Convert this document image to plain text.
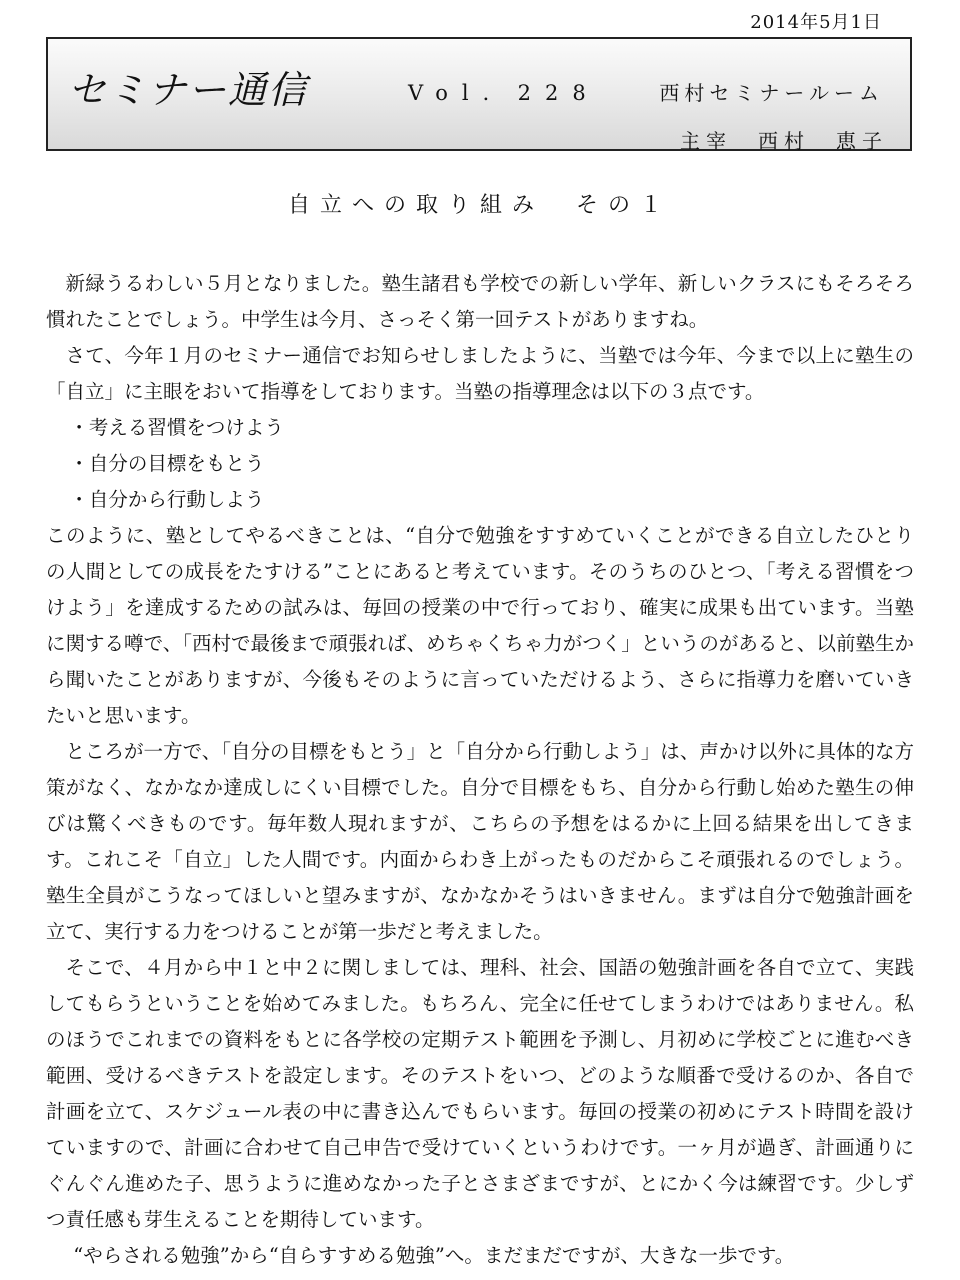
2014年5月1日
セミナー通信	Vol．228	西村セミナールーム
主宰　西村　恵子
自立への取り組み　その１

新緑うるわしい５月となりました。塾生諸君も学校での新しい学年、新しいクラスにもそろそろ慣れたことでしょう。中学生は今月、さっそく第一回テストがありますね。

さて、今年１月のセミナー通信でお知らせしましたように、当塾では今年、今まで以上に塾生の「自立」に主眼をおいて指導をしております。当塾の指導理念は以下の３点です。

・考える習慣をつけよう

・自分の目標をもとう

・自分から行動しよう

このように、塾としてやるべきことは、“自分で勉強をすすめていくことができる自立したひとりの人間としての成長をたすける”ことにあると考えています。そのうちのひとつ、「考える習慣をつけよう」を達成するための試みは、毎回の授業の中で行っており、確実に成果も出ています。当塾に関する噂で、「西村で最後まで頑張れば、めちゃくちゃ力がつく」というのがあると、以前塾生から聞いたことがありますが、今後もそのように言っていただけるよう、さらに指導力を磨いていきたいと思います。

ところが一方で、「自分の目標をもとう」と「自分から行動しよう」は、声かけ以外に具体的な方策がなく、なかなか達成しにくい目標でした。自分で目標をもち、自分から行動し始めた塾生の伸びは驚くべきものです。毎年数人現れますが、こちらの予想をはるかに上回る結果を出してきます。これこそ「自立」した人間です。内面からわき上がったものだからこそ頑張れるのでしょう。塾生全員がこうなってほしいと望みますが、なかなかそうはいきません。まずは自分で勉強計画を立て、実行する力をつけることが第一歩だと考えました。

そこで、４月から中１と中２に関しましては、理科、社会、国語の勉強計画を各自で立て、実践してもらうということを始めてみました。もちろん、完全に任せてしまうわけではありません。私のほうでこれまでの資料をもとに各学校の定期テスト範囲を予測し、月初めに学校ごとに進むべき範囲、受けるべきテストを設定します。そのテストをいつ、どのような順番で受けるのか、各自で計画を立て、スケジュール表の中に書き込んでもらいます。毎回の授業の初めにテスト時間を設けていますので、計画に合わせて自己申告で受けていくというわけです。一ヶ月が過ぎ、計画通りにぐんぐん進めた子、思うように進めなかった子とさまざまですが、とにかく今は練習です。少しずつ責任感も芽生えることを期待しています。

“やらされる勉強”から“自らすすめる勉強”へ。まだまだですが、大きな一歩です。
